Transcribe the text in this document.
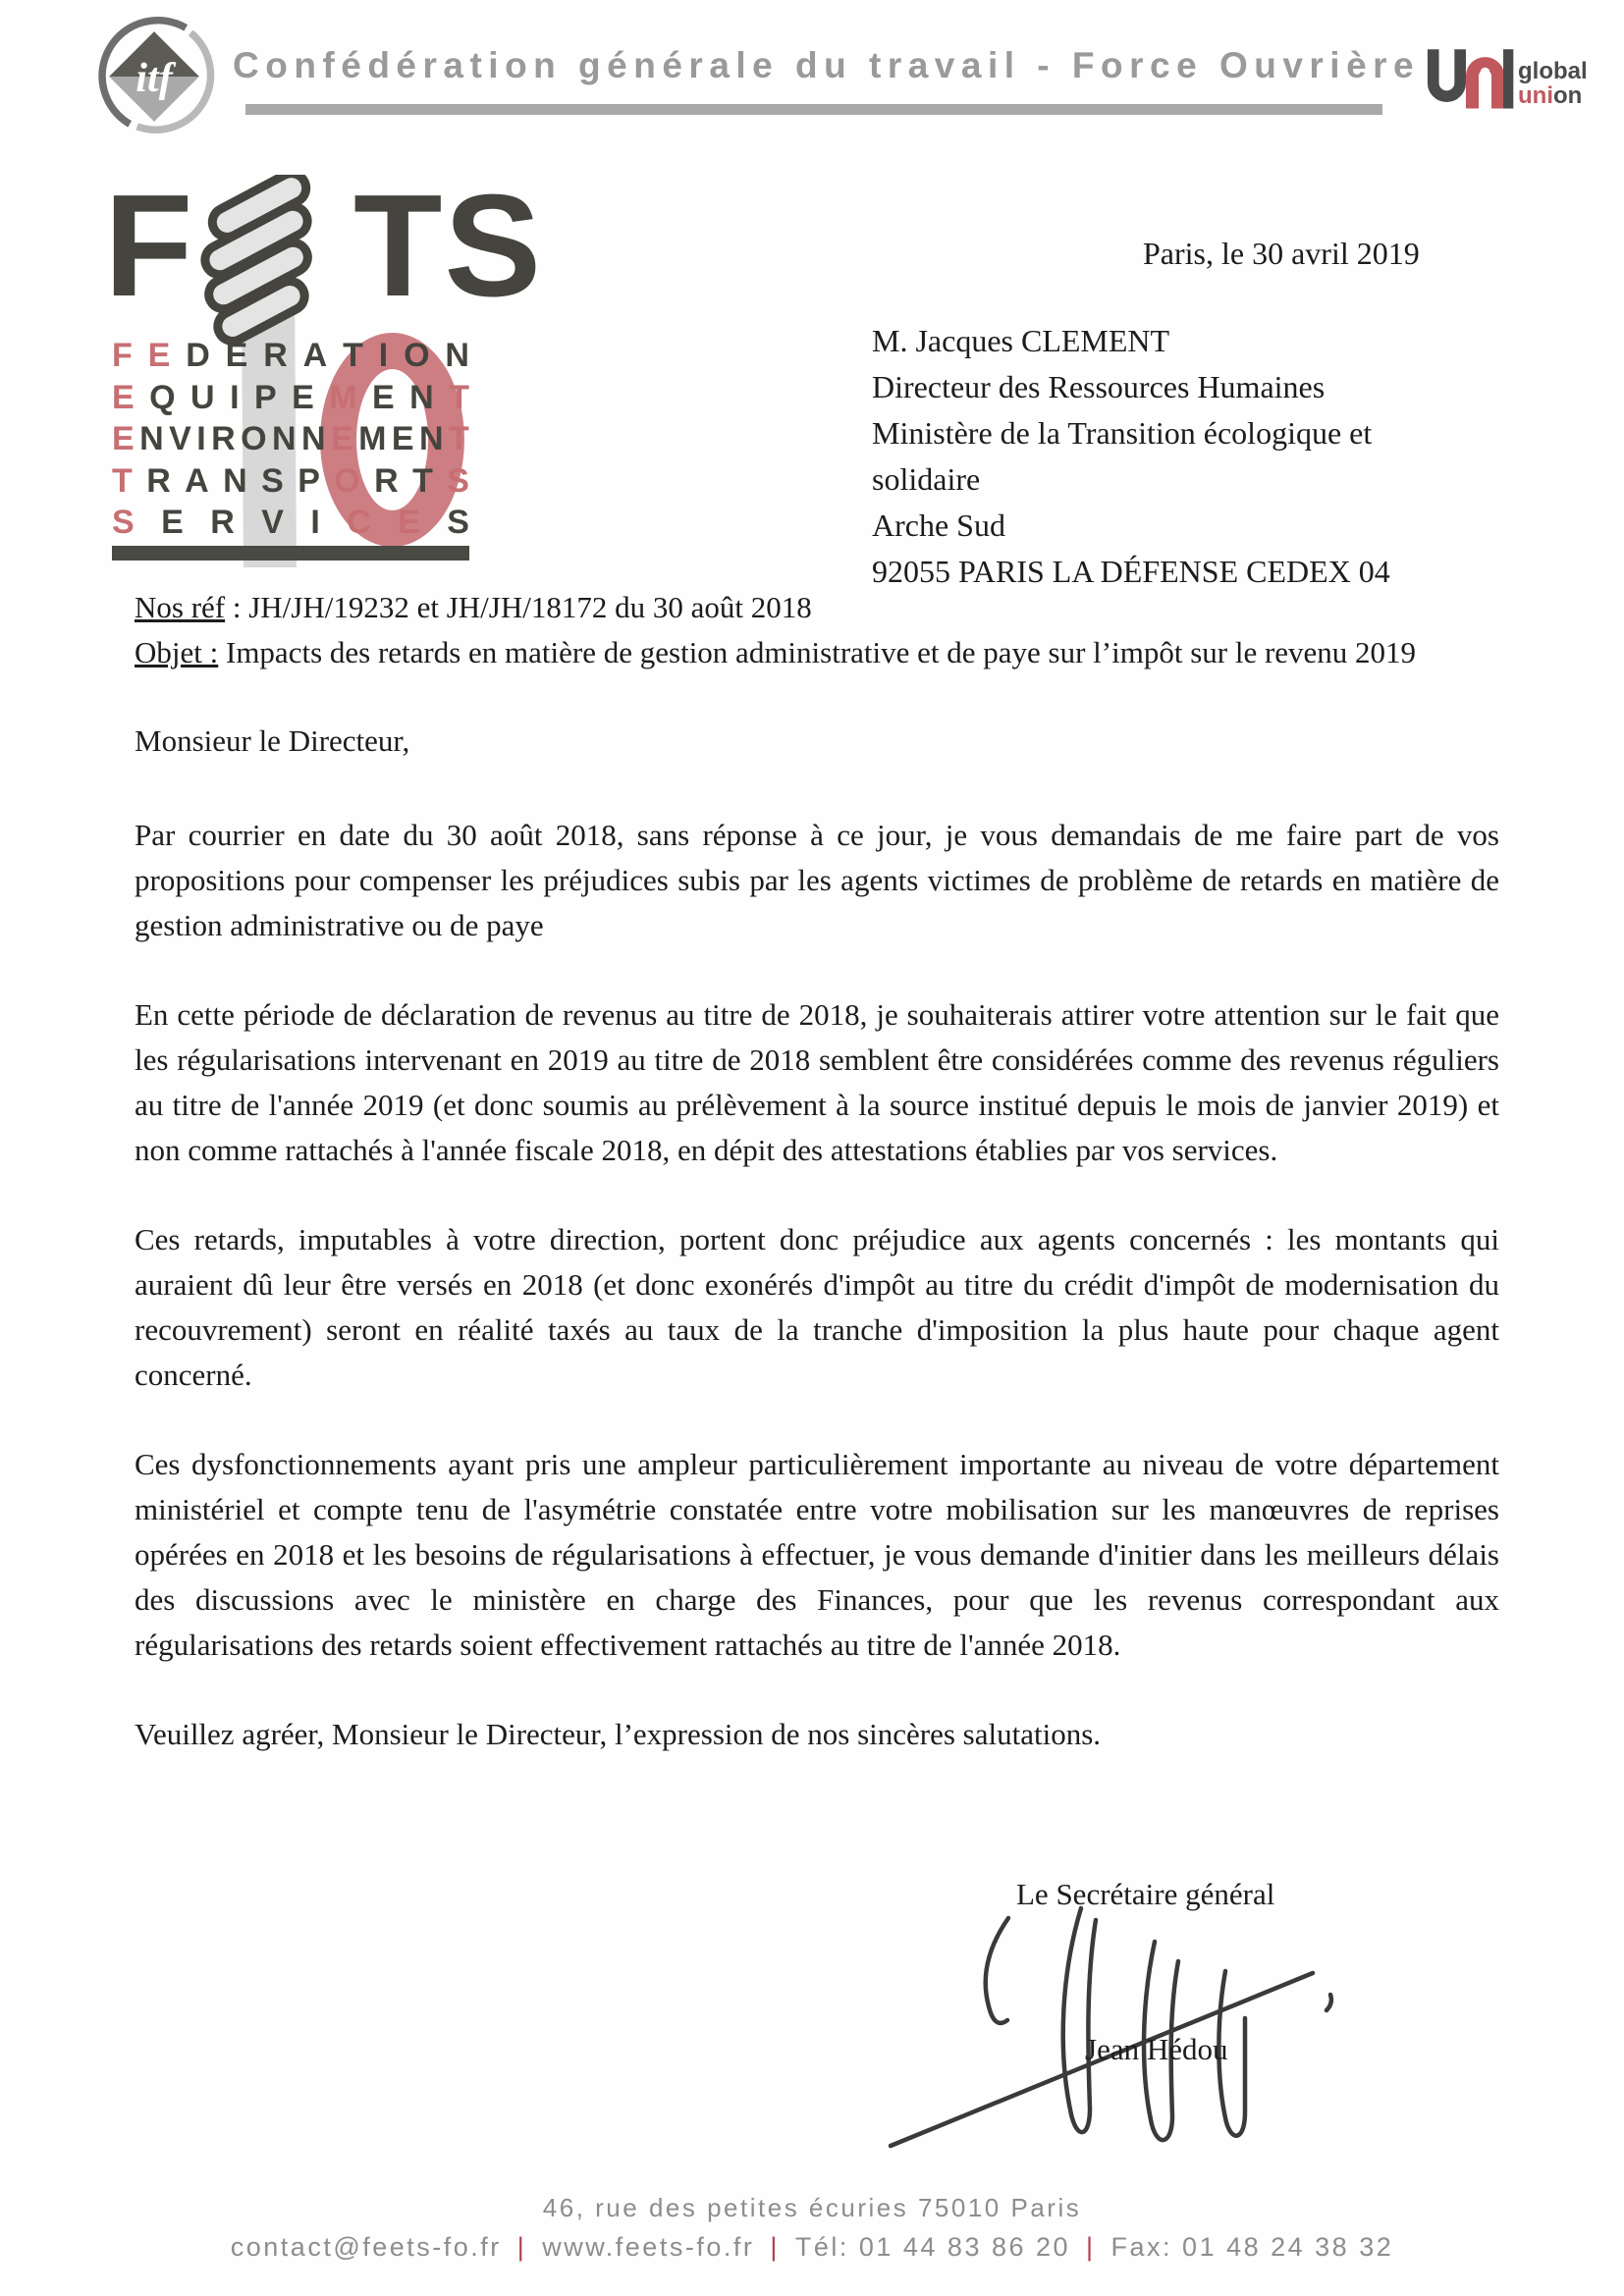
itf Confédération générale du travail - Force Ouvrière	global
union
F TS
F E D E R A T I O N
E Q U I P E M E N T
E N V I R O N N E M E N T
T R A N S P O R T S
S E R V I C E S
Paris, le 30 avril 2019
M. Jacques CLEMENT
Directeur des Ressources Humaines
Ministère de la Transition écologique et
solidaire
Arche Sud
92055 PARIS LA DÉFENSE CEDEX 04

Nos réf : JH/JH/19232 et JH/JH/18172 du 30 août 2018

Objet : Impacts des retards en matière de gestion administrative et de paye sur l’impôt sur le revenu 2019

Monsieur le Directeur,

Par courrier en date du 30 août 2018, sans réponse à ce jour, je vous demandais de me faire part de vos propositions pour compenser les préjudices subis par les agents victimes de problème de retards en matière de gestion administrative ou de paye

En cette période de déclaration de revenus au titre de 2018, je souhaiterais attirer votre attention sur le fait que les régularisations intervenant en 2019 au titre de 2018 semblent être considérées comme des revenus réguliers au titre de l'année 2019 (et donc soumis au prélèvement à la source institué depuis le mois de janvier 2019) et non comme rattachés à l'année fiscale 2018, en dépit des attestations établies par vos services.

Ces retards, imputables à votre direction, portent donc préjudice aux agents concernés : les montants qui auraient dû leur être versés en 2018 (et donc exonérés d'impôt au titre du crédit d'impôt de modernisation du recouvrement) seront en réalité taxés au taux de la tranche d'imposition la plus haute pour chaque agent concerné.

Ces dysfonctionnements ayant pris une ampleur particulièrement importante au niveau de votre département ministériel et compte tenu de l'asymétrie constatée entre votre mobilisation sur les manœuvres de reprises opérées en 2018 et les besoins de régularisations à effectuer, je vous demande d'initier dans les meilleurs délais des discussions avec le ministère en charge des Finances, pour que les revenus correspondant aux régularisations des retards soient effectivement rattachés au titre de l'année 2018.

Veuillez agréer, Monsieur le Directeur, l’expression de nos sincères salutations.

Le Secrétaire général
Jean Hédou
46, rue des petites écuries 75010 Paris
contact@feets-fo.fr | www.feets-fo.fr | Tél: 01 44 83 86 20 | Fax: 01 48 24 38 32
